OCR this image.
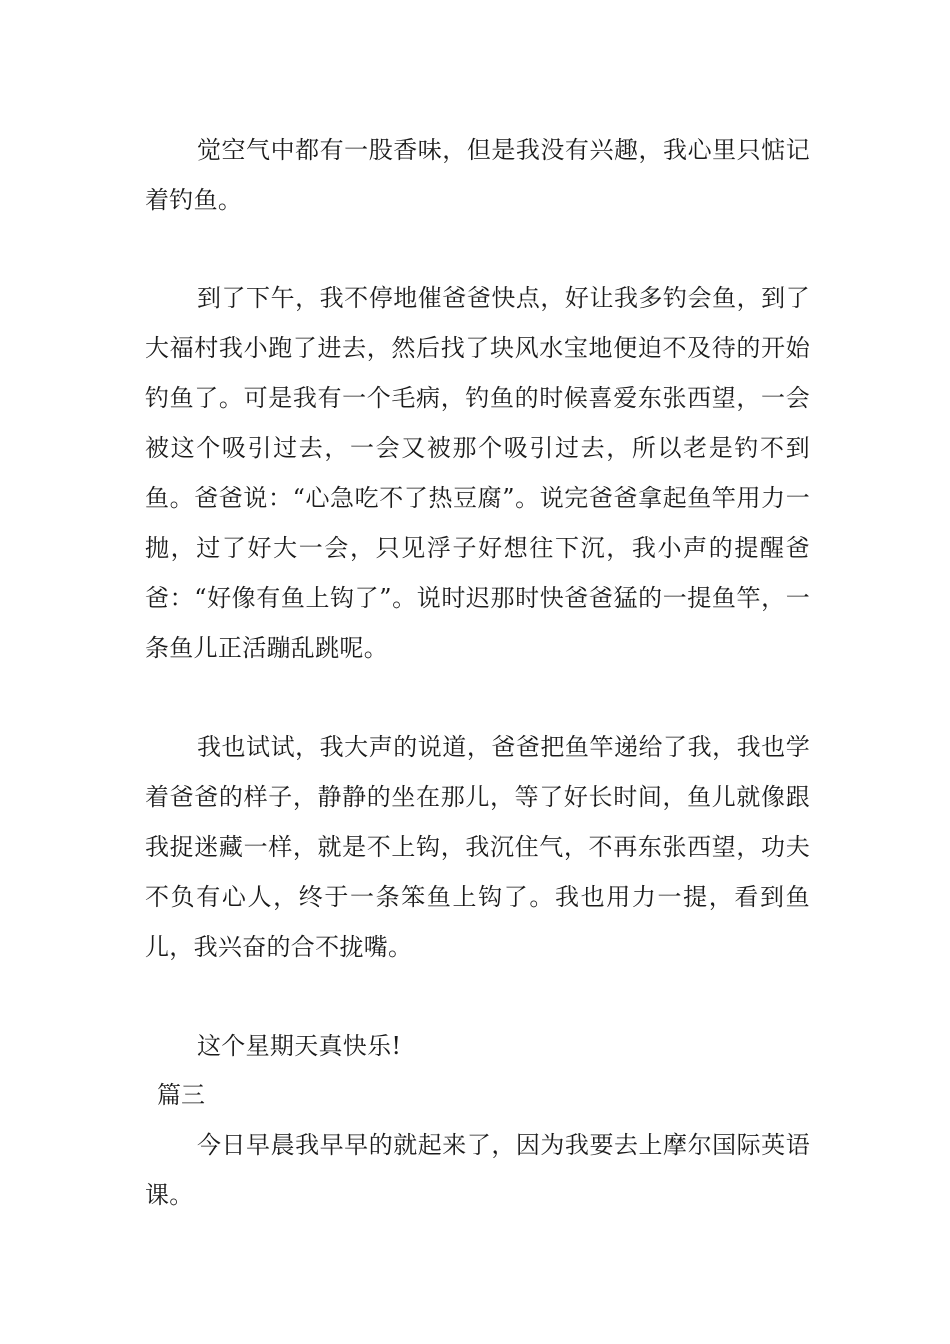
觉空气中都有一股香味，但是我没有兴趣，我心里只惦记着钓鱼。

到了下午，我不停地催爸爸快点，好让我多钓会鱼，到了大福村我小跑了进去，然后找了块风水宝地便迫不及待的开始钓鱼了。可是我有一个毛病，钓鱼的时候喜爱东张西望，一会被这个吸引过去，一会又被那个吸引过去，所以老是钓不到鱼。爸爸说：“心急吃不了热豆腐”。说完爸爸拿起鱼竿用力一抛，过了好大一会，只见浮子好想往下沉，我小声的提醒爸爸：“好像有鱼上钩了”。说时迟那时快爸爸猛的一提鱼竿，一条鱼儿正活蹦乱跳呢。

我也试试，我大声的说道，爸爸把鱼竿递给了我，我也学着爸爸的样子，静静的坐在那儿，等了好长时间，鱼儿就像跟我捉迷藏一样，就是不上钩，我沉住气，不再东张西望，功夫不负有心人，终于一条笨鱼上钩了。我也用力一提，看到鱼儿，我兴奋的合不拢嘴。

这个星期天真快乐!

篇三

今日早晨我早早的就起来了，因为我要去上摩尔国际英语课。
